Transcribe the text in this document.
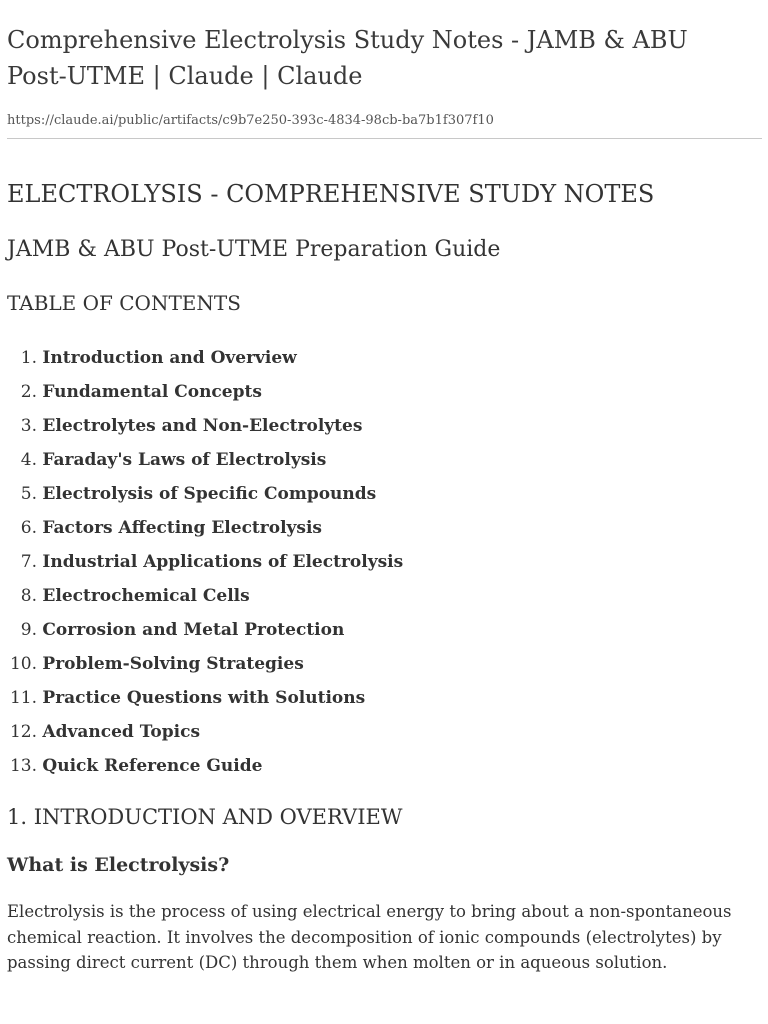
Comprehensive Electrolysis Study Notes - JAMB & ABU Post-UTME | Claude | Claude

https://claude.ai/public/artifacts/c9b7e250-393c-4834-98cb-ba7b1f307f10

ELECTROLYSIS - COMPREHENSIVE STUDY NOTES
JAMB & ABU Post-UTME Preparation Guide
TABLE OF CONTENTS
1.
Introduction and Overview
2.
Fundamental Concepts
3.
Electrolytes and Non-Electrolytes
4.
Faraday's Laws of Electrolysis
5.
Electrolysis of Specific Compounds
6.
Factors Affecting Electrolysis
7.
Industrial Applications of Electrolysis
8.
Electrochemical Cells
9.
Corrosion and Metal Protection
10.
Problem-Solving Strategies
11.
Practice Questions with Solutions
12.
Advanced Topics
13.
Quick Reference Guide
1. INTRODUCTION AND OVERVIEW
What is Electrolysis?

Electrolysis is the process of using electrical energy to bring about a non-spontaneous chemical reaction. It involves the decomposition of ionic compounds (electrolytes) by passing direct current (DC) through them when molten or in aqueous solution.
